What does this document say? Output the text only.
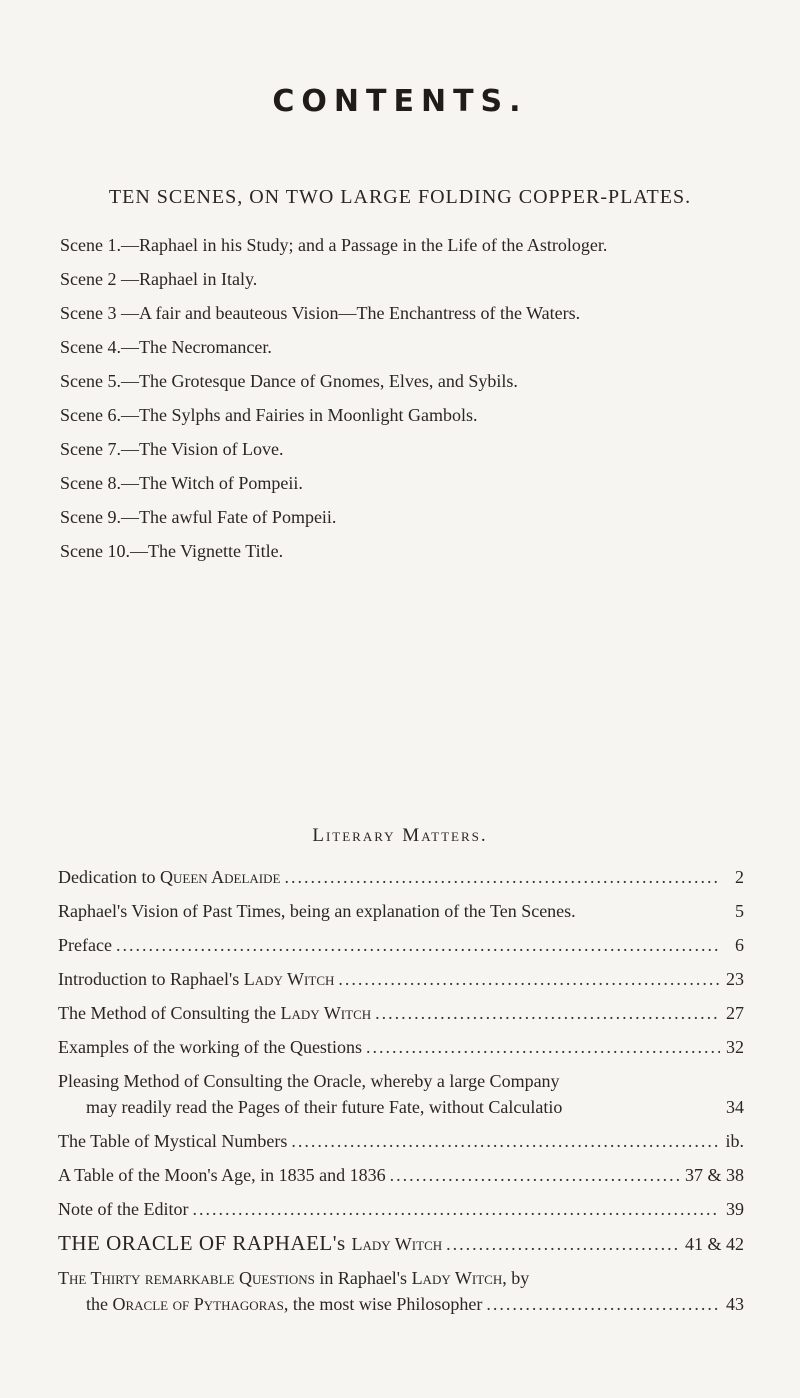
CONTENTS.
TEN SCENES, ON TWO LARGE FOLDING COPPER-PLATES.
Scene 1.—Raphael in his Study; and a Passage in the Life of the Astrologer.
Scene 2 —Raphael in Italy.
Scene 3 —A fair and beauteous Vision—The Enchantress of the Waters.
Scene 4.—The Necromancer.
Scene 5.—The Grotesque Dance of Gnomes, Elves, and Sybils.
Scene 6.—The Sylphs and Fairies in Moonlight Gambols.
Scene 7.—The Vision of Love.
Scene 8.—The Witch of Pompeii.
Scene 9.—The awful Fate of Pompeii.
Scene 10.—The Vignette Title.
Literary Matters.
Dedication to Queen Adelaide .....	2
Raphael's Vision of Past Times, being an explanation of the Ten Scenes.	5
Preface .....	6
Introduction to Raphael's Lady Witch .....	23
The Method of Consulting the Lady Witch .....	27
Examples of the working of the Questions .....	32
Pleasing Method of Consulting the Oracle, whereby a large Company
may readily read the Pages of their future Fate, without Calculatio	34
The Table of Mystical Numbers .....	ib.
A Table of the Moon's Age, in 1835 and 1836 .....	37 & 38
Note of the Editor .....	39
THE ORACLE OF RAPHAEL's Lady Witch .....	41 & 42
The Thirty remarkable Questions in Raphael's Lady Witch, by
the Oracle of Pythagoras, the most wise Philosopher .....	43
